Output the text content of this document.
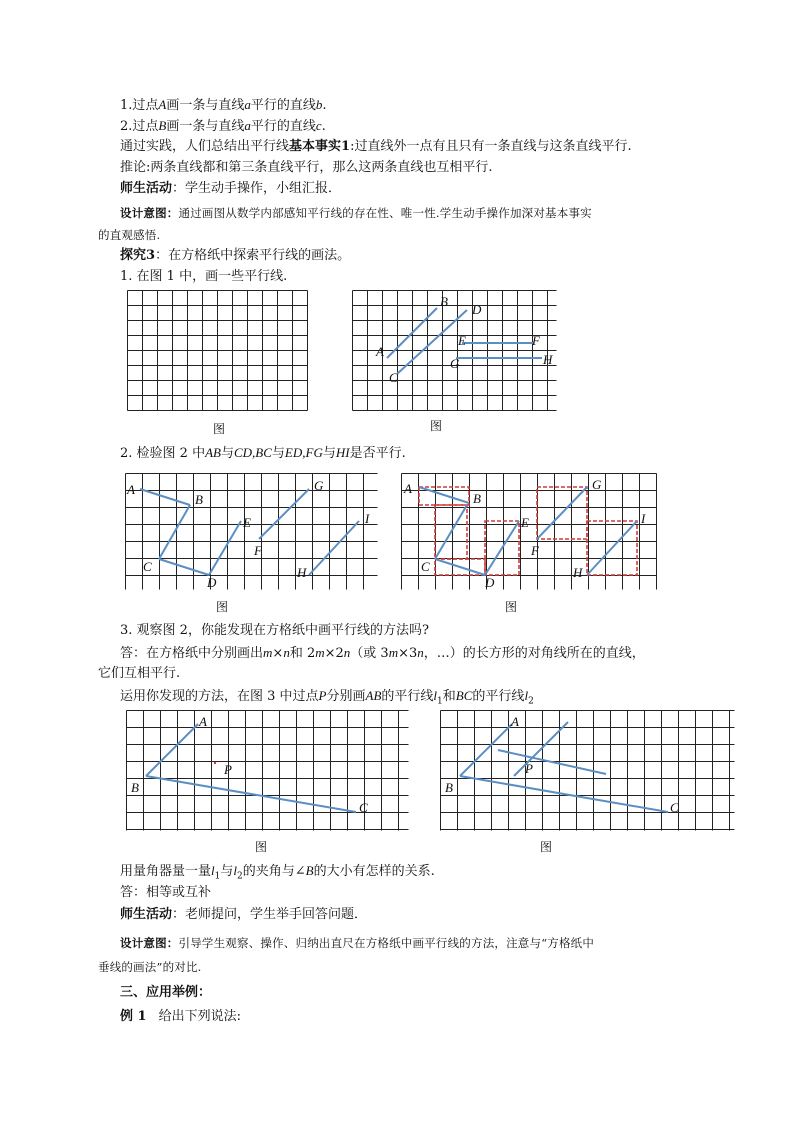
1.过点A画一条与直线a平行的直线b.
2.过点B画一条与直线a平行的直线c.
通过实践，人们总结出平行线基本事实1:过直线外一点有且只有一条直线与这条直线平行.
推论:两条直线都和第三条直线平行，那么这两条直线也互相平行.
师生活动：学生动手操作，小组汇报．
设计意图：通过画图从数学内部感知平行线的存在性、唯一性.学生动手操作加深对基本事实
的直观感悟.
探究3：在方格纸中探索平行线的画法。
1. 在图 1 中，画一些平行线.
图
A
B
C
D
E	F
G	H
图
2. 检验图 2 中AB与CD,BC与ED,FG与HI是否平行.
A
B
C
D
E
F
G
H
I
图
A
B
C
D
E
F
G
H
I
图
3. 观察图 2，你能发现在方格纸中画平行线的方法吗?
答：在方格纸中分别画出m×n和 2m×2n（或 3m×3n，…）的长方形的对角线所在的直线，
它们互相平行.
运用你发现的方法，在图 3 中过点P分别画AB的平行线$l_1$和BC的平行线$l_2$
A
B
C
P
图
A
B
C
P
图
用量角器量一量$l_1$与$l_2$的夹角与∠B的大小有怎样的关系.
答：相等或互补
师生活动：老师提问，学生举手回答问题．
设计意图：引导学生观察、操作、归纳出直尺在方格纸中画平行线的方法，注意与“方格纸中
垂线的画法”的对比.
三、应用举例：
例 1 给出下列说法:
